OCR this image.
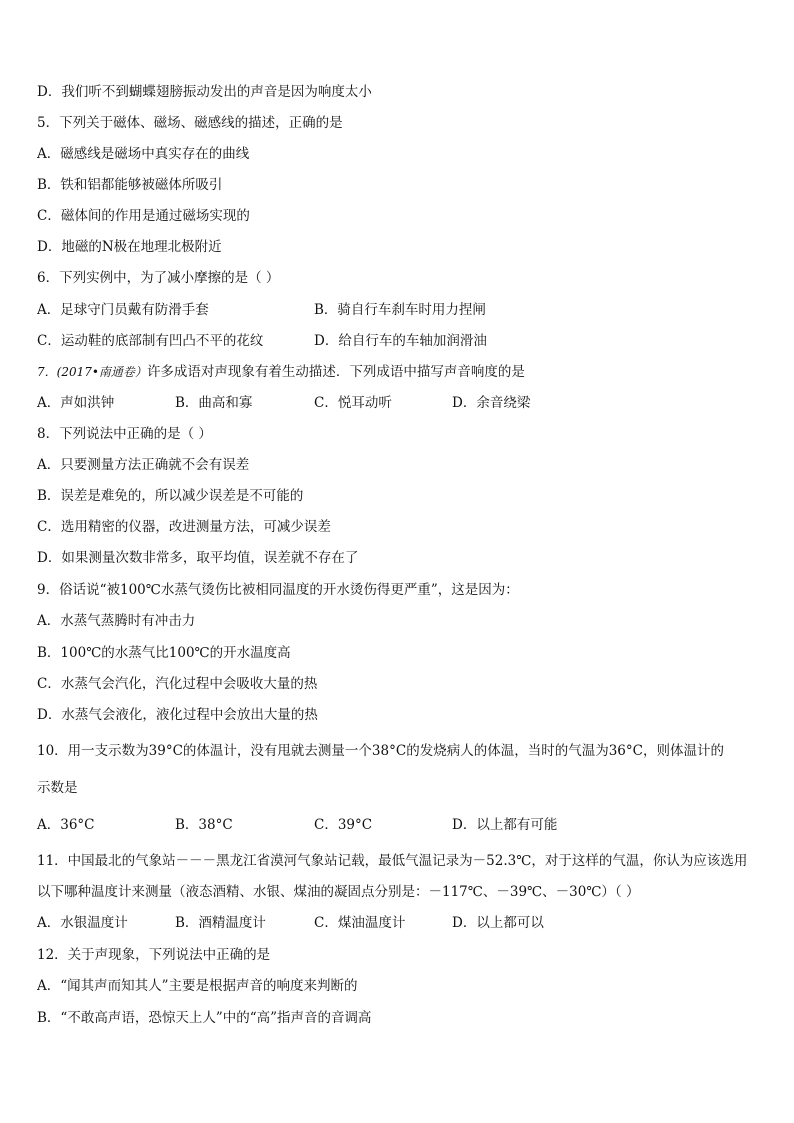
D．我们听不到蝴蝶翅膀振动发出的声音是因为响度太小
5．下列关于磁体、磁场、磁感线的描述，正确的是
A．磁感线是磁场中真实存在的曲线
B．铁和铝都能够被磁体所吸引
C．磁体间的作用是通过磁场实现的
D．地磁的N极在地理北极附近
6．下列实例中，为了减小摩擦的是（ ）
A．足球守门员戴有防滑手套	B．骑自行车刹车时用力捏闸
C．运动鞋的底部制有凹凸不平的花纹	D．给自行车的车轴加润滑油
7．(2017•南通卷）许多成语对声现象有着生动描述．下列成语中描写声音响度的是
A．声如洪钟	B．曲高和寡	C．悦耳动听	D．余音绕梁
8．下列说法中正确的是（ ）
A．只要测量方法正确就不会有误差
B．误差是难免的，所以减少误差是不可能的
C．选用精密的仪器，改进测量方法，可减少误差
D．如果测量次数非常多，取平均值，误差就不存在了
9．俗话说“被100℃水蒸气烫伤比被相同温度的开水烫伤得更严重”，这是因为：
A．水蒸气蒸腾时有冲击力
B．100℃的水蒸气比100℃的开水温度高
C．水蒸气会汽化，汽化过程中会吸收大量的热
D．水蒸气会液化，液化过程中会放出大量的热
10．用一支示数为39°C的体温计，没有甩就去测量一个38°C的发烧病人的体温，当时的气温为36°C，则体温计的
示数是
A．36°C	B．38°C	C．39°C	D．以上都有可能
11．中国最北的气象站－－－黑龙江省漠河气象站记载，最低气温记录为－52.3℃，对于这样的气温，你认为应该选用
以下哪种温度计来测量（液态酒精、水银、煤油的凝固点分别是：－117℃、－39℃、－30℃）（ ）
A．水银温度计	B．酒精温度计	C．煤油温度计	D．以上都可以
12．关于声现象，下列说法中正确的是
A．“闻其声而知其人”主要是根据声音的响度来判断的
B．“不敢高声语，恐惊天上人”中的“高”指声音的音调高
